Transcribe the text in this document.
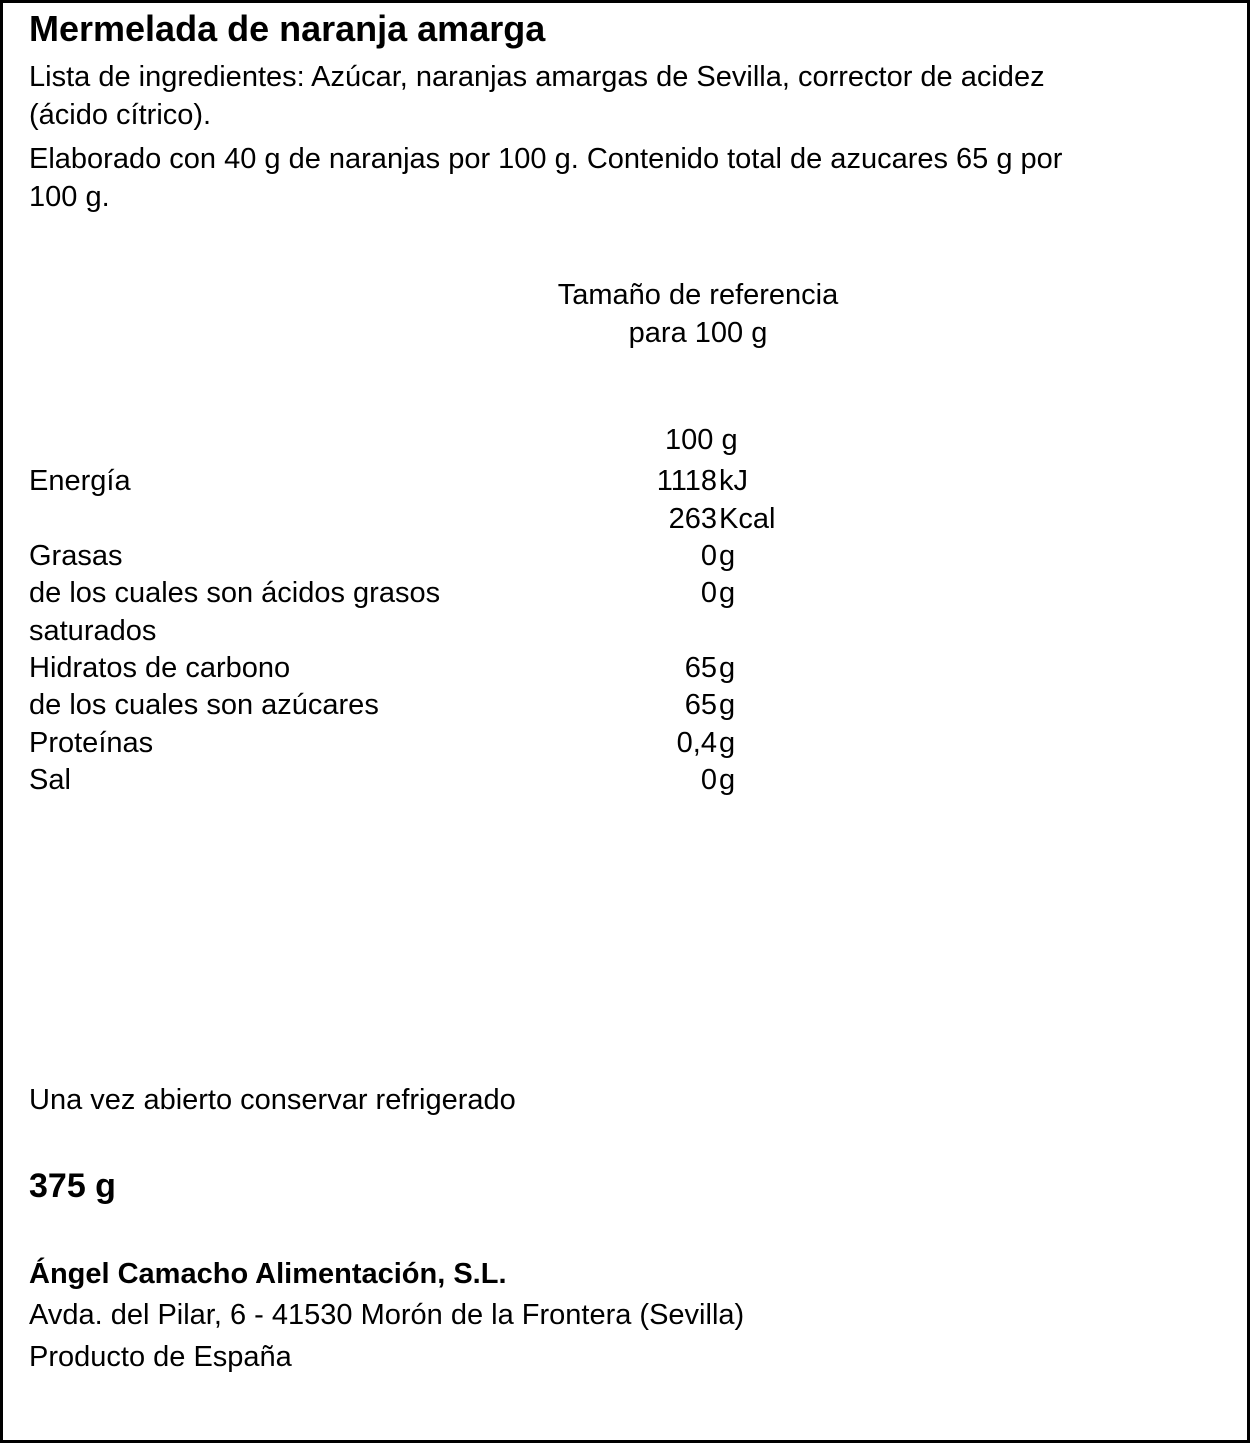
Mermelada de naranja amarga
Lista de ingredientes: Azúcar, naranjas amargas de Sevilla, corrector de acidez
(ácido cítrico).
Elaborado con 40 g de naranjas por 100 g. Contenido total de azucares 65 g por
100 g.
Tamaño de referencia
para 100 g
100 g
Energía	1118 kJ
263 Kcal
Grasas	0 g
de los cuales son ácidos grasos	0 g
saturados
Hidratos de carbono	65 g
de los cuales son azúcares	65 g
Proteínas	0,4 g
Sal	0 g
Una vez abierto conservar refrigerado
375 g
Ángel Camacho Alimentación, S.L.
Avda. del Pilar, 6 - 41530 Morón de la Frontera (Sevilla)
Producto de España
